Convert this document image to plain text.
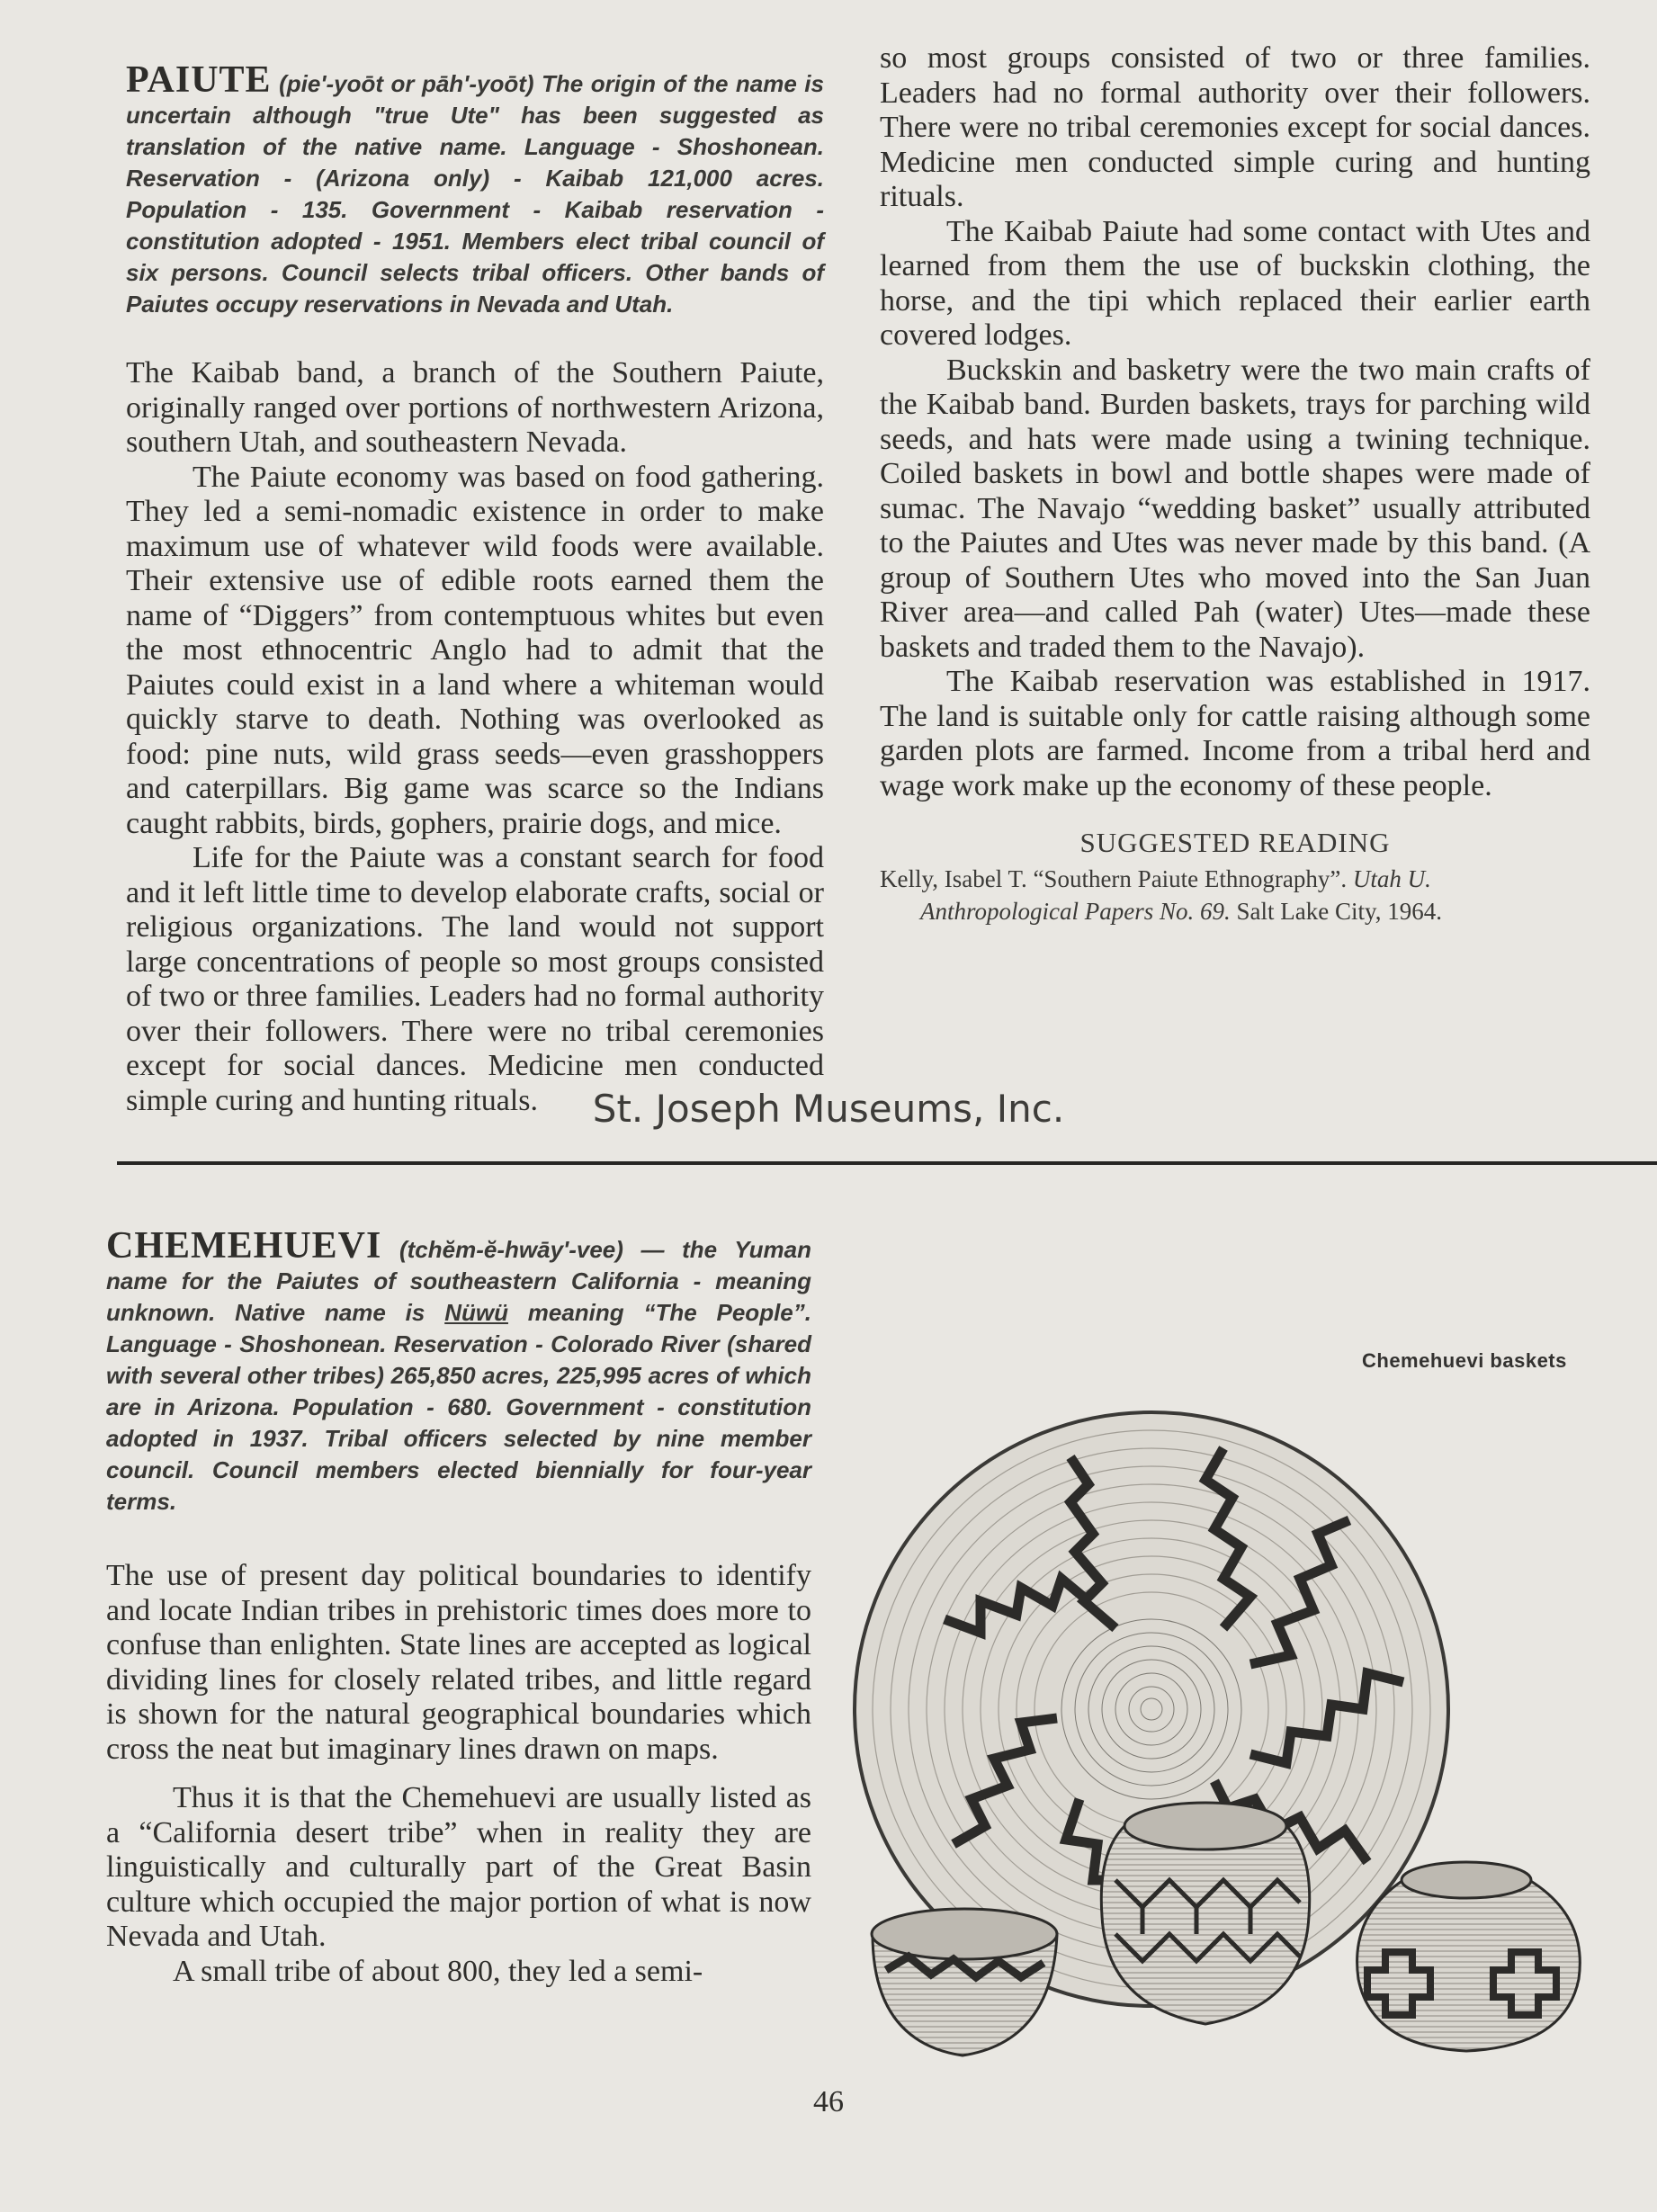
PAIUTE (pie'-yoōt or pāh'-yoōt) The origin of the name is uncertain although "true Ute" has been suggested as translation of the native name. Language - Shoshonean. Reservation - (Arizona only) - Kaibab 121,000 acres. Population - 135. Government - Kaibab reservation - constitution adopted - 1951. Members elect tribal council of six persons. Council selects tribal officers. Other bands of Paiutes occupy reservations in Nevada and Utah.

The Kaibab band, a branch of the Southern Paiute, originally ranged over portions of northwestern Arizona, southern Utah, and southeastern Nevada.

The Paiute economy was based on food gathering. They led a semi-nomadic existence in order to make maximum use of whatever wild foods were available. Their extensive use of edible roots earned them the name of “Diggers” from contemptuous whites but even the most ethnocentric Anglo had to admit that the Paiutes could exist in a land where a whiteman would quickly starve to death. Nothing was overlooked as food: pine nuts, wild grass seeds—even grasshoppers and caterpillars. Big game was scarce so the Indians caught rabbits, birds, gophers, prairie dogs, and mice.

Life for the Paiute was a constant search for food and it left little time to develop elaborate crafts, social or religious organizations. The land would not support large concentrations of people so most groups consisted of two or three families. Leaders had no formal authority over their followers. There were no tribal ceremonies except for social dances. Medicine men conducted simple curing and hunting rituals.

so most groups consisted of two or three families. Leaders had no formal authority over their followers. There were no tribal ceremonies except for social dances. Medicine men conducted simple curing and hunting rituals.

The Kaibab Paiute had some contact with Utes and learned from them the use of buckskin clothing, the horse, and the tipi which replaced their earlier earth covered lodges.

Buckskin and basketry were the two main crafts of the Kaibab band. Burden baskets, trays for parching wild seeds, and hats were made using a twining technique. Coiled baskets in bowl and bottle shapes were made of sumac. The Navajo “wedding basket” usually attributed to the Paiutes and Utes was never made by this band. (A group of Southern Utes who moved into the San Juan River area—and called Pah (water) Utes—made these baskets and traded them to the Navajo).

The Kaibab reservation was established in 1917. The land is suitable only for cattle raising although some garden plots are farmed. Income from a tribal herd and wage work make up the economy of these people.

SUGGESTED READING
Kelly, Isabel T. “Southern Paiute Ethnography”. Utah U. Anthropological Papers No. 69. Salt Lake City, 1964.
St. Joseph Museums, Inc.
CHEMEHUEVI (tchĕm-ĕ-hwāy'-vee) — the Yuman name for the Paiutes of southeastern California - meaning unknown. Native name is Nüwü meaning “The People”. Language - Shoshonean. Reservation - Colorado River (shared with several other tribes) 265,850 acres, 225,995 acres of which are in Arizona. Population - 680. Government - constitution adopted in 1937. Tribal officers selected by nine member council. Council members elected biennially for four-year terms.

The use of present day political boundaries to identify and locate Indian tribes in prehistoric times does more to confuse than enlighten. State lines are accepted as logical dividing lines for closely related tribes, and little regard is shown for the natural geographical boundaries which cross the neat but imaginary lines drawn on maps.

Thus it is that the Chemehuevi are usually listed as a “California desert tribe” when in reality they are linguistically and culturally part of the Great Basin culture which occupied the major portion of what is now Nevada and Utah.

A small tribe of about 800, they led a semi-

Chemehuevi baskets
46
